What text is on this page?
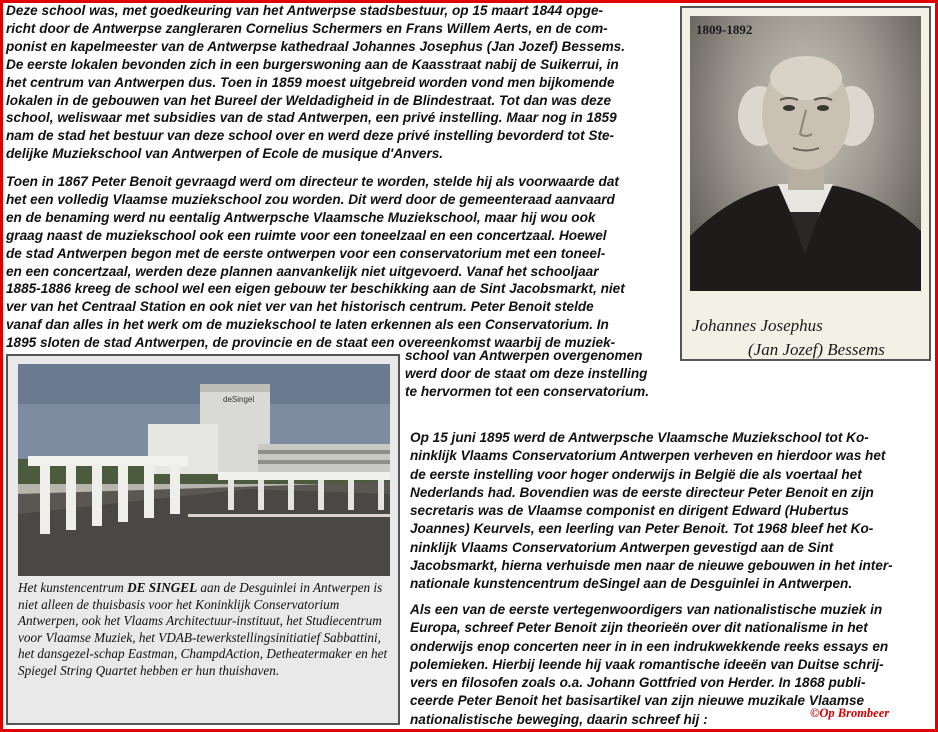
Deze school was, met goedkeuring van het Antwerpse stadsbestuur, op 15 maart 1844 opge-
richt door de Antwerpse zangleraren Cornelius Schermers en Frans Willem Aerts, en de com-
ponist en kapelmeester van de Antwerpse kathedraal Johannes Josephus (Jan Jozef) Bessems.
De eerste lokalen bevonden zich in een burgerswoning aan de Kaasstraat nabij de Suikerrui, in
het centrum van Antwerpen dus. Toen in 1859 moest uitgebreid worden vond men bijkomende
lokalen in de gebouwen van het Bureel der Weldadigheid in de Blindestraat. Tot dan was deze
school, weliswaar met subsidies van de stad Antwerpen, een privé instelling. Maar nog in 1859
nam de stad het bestuur van deze school over en werd deze privé instelling bevorderd tot Ste-
delijke Muziekschool van Antwerpen of Ecole de musique d'Anvers.
Toen in 1867 Peter Benoit gevraagd werd om directeur te worden, stelde hij als voorwaarde dat
het een volledig Vlaamse muziekschool zou worden. Dit werd door de gemeenteraad aanvaard
en de benaming werd nu eentalig Antwerpsche Vlaamsche Muziekschool, maar hij wou ook
graag naast de muziekschool ook een ruimte voor een toneelzaal en een concertzaal. Hoewel
de stad Antwerpen begon met de eerste ontwerpen voor een conservatorium met een toneel-
en een concertzaal, werden deze plannen aanvankelijk niet uitgevoerd. Vanaf het schooljaar
1885-1886 kreeg de school wel een eigen gebouw ter beschikking aan de Sint Jacobsmarkt, niet
ver van het Centraal Station en ook niet ver van het historisch centrum. Peter Benoit stelde
vanaf dan alles in het werk om de muziekschool te laten erkennen als een Conservatorium. In
1895 sloten de stad Antwerpen, de provincie en de staat een overeenkomst waarbij de muziek-
school van Antwerpen overgenomen
werd door de staat om deze instelling
te hervormen tot een conservatorium.
Op 15 juni 1895 werd de Antwerpsche Vlaamsche Muziekschool tot Ko-
ninklijk Vlaams Conservatorium Antwerpen verheven en hierdoor was het
de eerste instelling voor hoger onderwijs in België die als voertaal het
Nederlands had. Bovendien was de eerste directeur Peter Benoit en zijn
secretaris was de Vlaamse componist en dirigent Edward (Hubertus
Joannes) Keurvels, een leerling van Peter Benoit. Tot 1968 bleef het Ko-
ninklijk Vlaams Conservatorium Antwerpen gevestigd aan de Sint
Jacobsmarkt, hierna verhuisde men naar de nieuwe gebouwen in het inter-
nationale kunstencentrum deSingel aan de Desguinlei in Antwerpen.
Als een van de eerste vertegenwoordigers van nationalistische muziek in
Europa, schreef Peter Benoit zijn theorieën over dit nationalisme in het
onderwijs enop concerten neer in in een indrukwekkende reeks essays en
polemieken. Hierbij leende hij vaak romantische ideeën van Duitse schrij-
vers en filosofen zoals o.a. Johann Gottfried von Herder. In 1868 publi-
ceerde Peter Benoit het basisartikel van zijn nieuwe muzikale Vlaamse
nationalistische beweging, daarin schreef hij :
1809-1892
Johannes Josephus
(Jan Jozef) Bessems
deSingel
Het kunstencentrum DE SINGEL aan de Desguinlei in Antwerpen is niet alleen de thuisbasis voor het Koninklijk Conservatorium Antwerpen, ook het Vlaams Architectuur-instituut, het Studiecentrum voor Vlaamse Muziek, het VDAB-tewerkstellingsinitiatief Sabbattini, het dansgezel-schap Eastman, ChampdAction, Detheatermaker en het Spiegel String Quartet hebben er hun thuishaven.
©Op Brombeer
